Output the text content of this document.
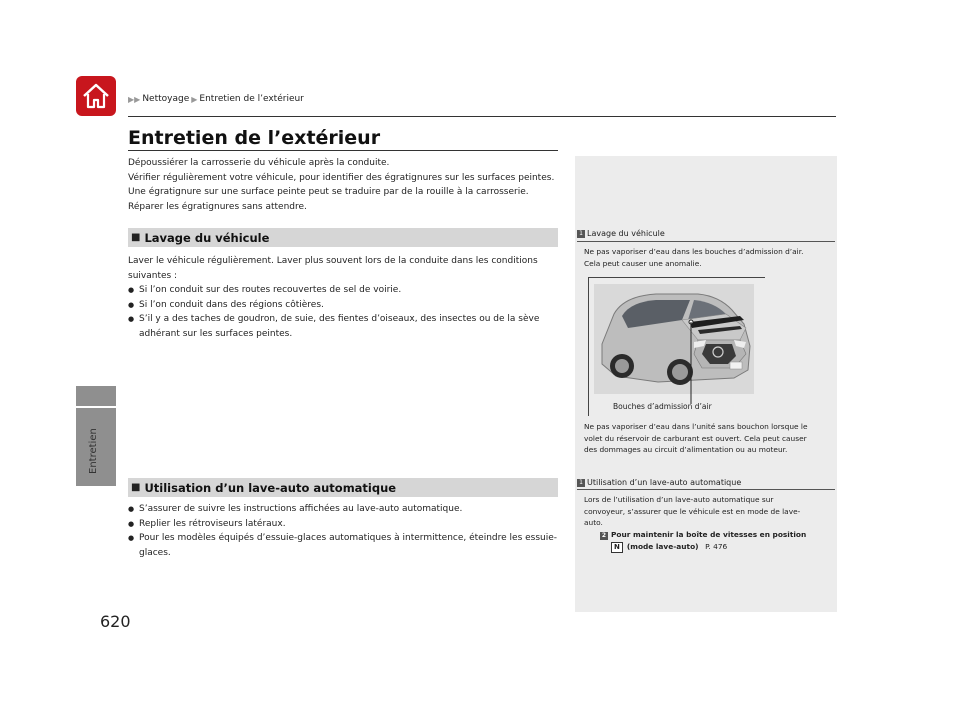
Entretien
620
▶▶ Nettoyage ▶ Entretien de l’extérieur
Entretien de l’extérieur

Dépoussiérer la carrosserie du véhicule après la conduite.

Vérifier régulièrement votre véhicule, pour identifier des égratignures sur les surfaces peintes.

Une égratignure sur une surface peinte peut se traduire par de la rouille à la carrosserie.

Réparer les égratignures sans attendre.

■ Lavage du véhicule

Laver le véhicule régulièrement. Laver plus souvent lors de la conduite dans les conditions

suivantes :

● Si l’on conduit sur des routes recouvertes de sel de voirie.

● Si l’on conduit dans des régions côtières.

● S’il y a des taches de goudron, de suie, des fientes d’oiseaux, des insectes ou de la sève

adhérant sur les surfaces peintes.

■ Utilisation d’un lave-auto automatique

● S’assurer de suivre les instructions affichées au lave-auto automatique.

● Replier les rétroviseurs latéraux.

● Pour les modèles équipés d’essuie-glaces automatiques à intermittence, éteindre les essuie-

glaces.

1 Lavage du véhicule

Ne pas vaporiser d’eau dans les bouches d’admission d’air.

Cela peut causer une anomalie.

Bouches d’admission d’air

Ne pas vaporiser d’eau dans l’unité sans bouchon lorsque le

volet du réservoir de carburant est ouvert. Cela peut causer

des dommages au circuit d’alimentation ou au moteur.

1 Utilisation d’un lave-auto automatique

Lors de l’utilisation d’un lave-auto automatique sur

convoyeur, s’assurer que le véhicule est en mode de lave-

auto.

2 Pour maintenir la boîte de vitesses en position

N (mode lave-auto) P. 476
